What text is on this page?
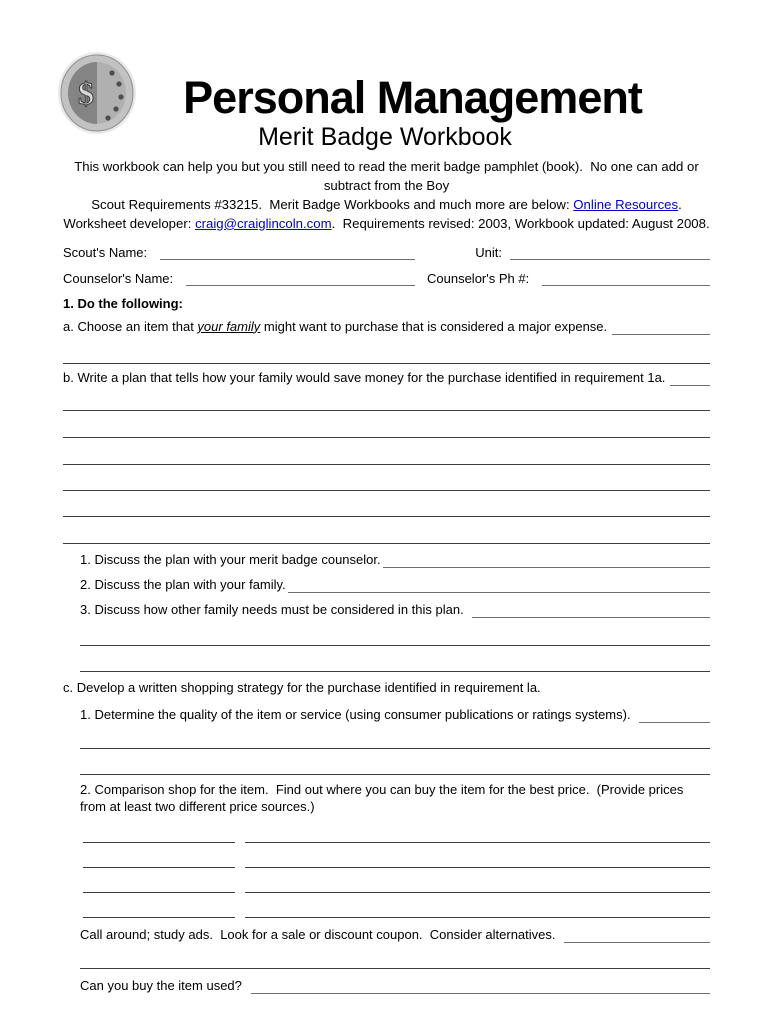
$	Personal Management
Merit Badge Workbook
This workbook can help you but you still need to read the merit badge pamphlet (book).  No one can add or subtract from the Boy
Scout Requirements #33215.  Merit Badge Workbooks and much more are below: Online Resources.
Worksheet developer: craig@craiglincoln.com.  Requirements revised: 2003, Workbook updated: August 2008.
Scout's Name:	Unit:
Counselor's Name:	Counselor's Ph #:
1. Do the following:
a. Choose an item that your family might want to purchase that is considered a major expense.
b. Write a plan that tells how your family would save money for the purchase identified in requirement 1a.
1. Discuss the plan with your merit badge counselor.
2. Discuss the plan with your family.
3. Discuss how other family needs must be considered in this plan.
c. Develop a written shopping strategy for the purchase identified in requirement la.
1. Determine the quality of the item or service (using consumer publications or ratings systems).
2. Comparison shop for the item.  Find out where you can buy the item for the best price.  (Provide prices from at least two different price sources.)
Call around; study ads.  Look for a sale or discount coupon.  Consider alternatives.
Can you buy the item used?
